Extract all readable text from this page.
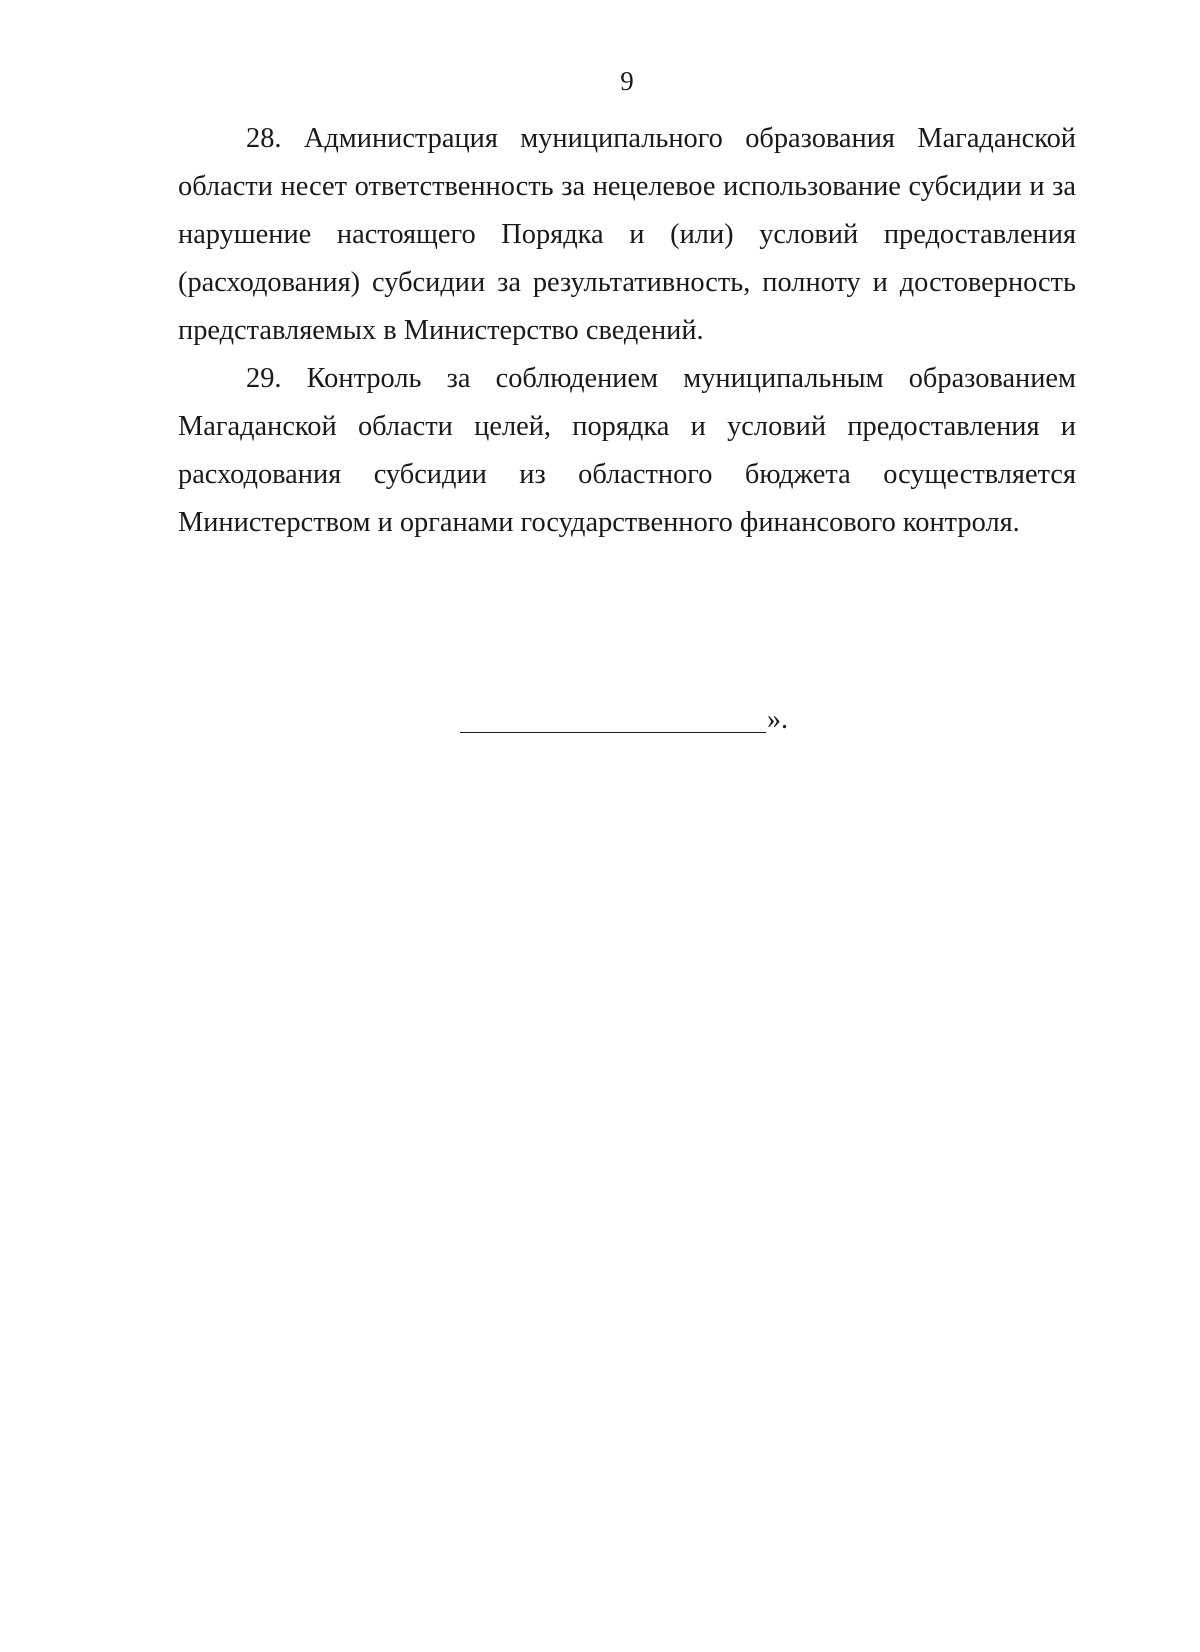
9

28. Администрация муниципального образования Магаданской области несет ответственность за нецелевое использование субсидии и за нарушение настоящего Порядка и (или) условий предоставления (расходования) субсидии за результативность, полноту и достоверность представляемых в Министерство сведений.

29. Контроль за соблюдением муниципальным образованием Магаданской области целей, порядка и условий предоставления и расходования субсидии из областного бюджета осуществляется Министерством и органами государственного финансового контроля.

».
